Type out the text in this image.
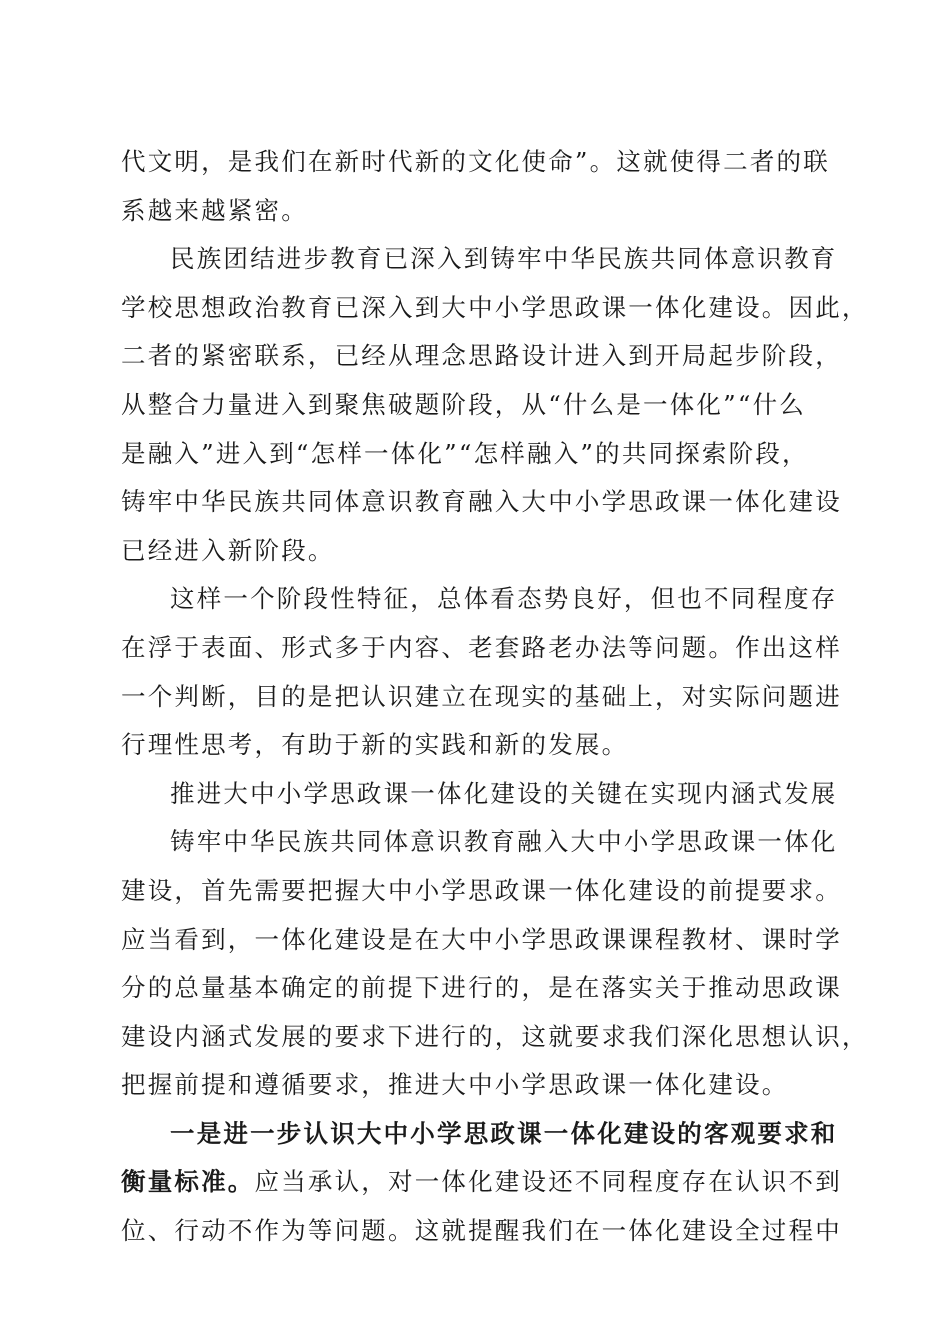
代文明，是我们在新时代新的文化使命”。这就使得二者的联

系越来越紧密。

民族团结进步教育已深入到铸牢中华民族共同体意识教育

学校思想政治教育已深入到大中小学思政课一体化建设。因此，

二者的紧密联系，已经从理念思路设计进入到开局起步阶段，

从整合力量进入到聚焦破题阶段，从“什么是一体化”“什么

是融入”进入到“怎样一体化”“怎样融入”的共同探索阶段，

铸牢中华民族共同体意识教育融入大中小学思政课一体化建设

已经进入新阶段。

这样一个阶段性特征，总体看态势良好，但也不同程度存

在浮于表面、形式多于内容、老套路老办法等问题。作出这样

一个判断，目的是把认识建立在现实的基础上，对实际问题进

行理性思考，有助于新的实践和新的发展。

推进大中小学思政课一体化建设的关键在实现内涵式发展

铸牢中华民族共同体意识教育融入大中小学思政课一体化

建设，首先需要把握大中小学思政课一体化建设的前提要求。

应当看到，一体化建设是在大中小学思政课课程教材、课时学

分的总量基本确定的前提下进行的，是在落实关于推动思政课

建设内涵式发展的要求下进行的，这就要求我们深化思想认识，

把握前提和遵循要求，推进大中小学思政课一体化建设。

一是进一步认识大中小学思政课一体化建设的客观要求和

衡量标准。应当承认，对一体化建设还不同程度存在认识不到

位、行动不作为等问题。这就提醒我们在一体化建设全过程中
